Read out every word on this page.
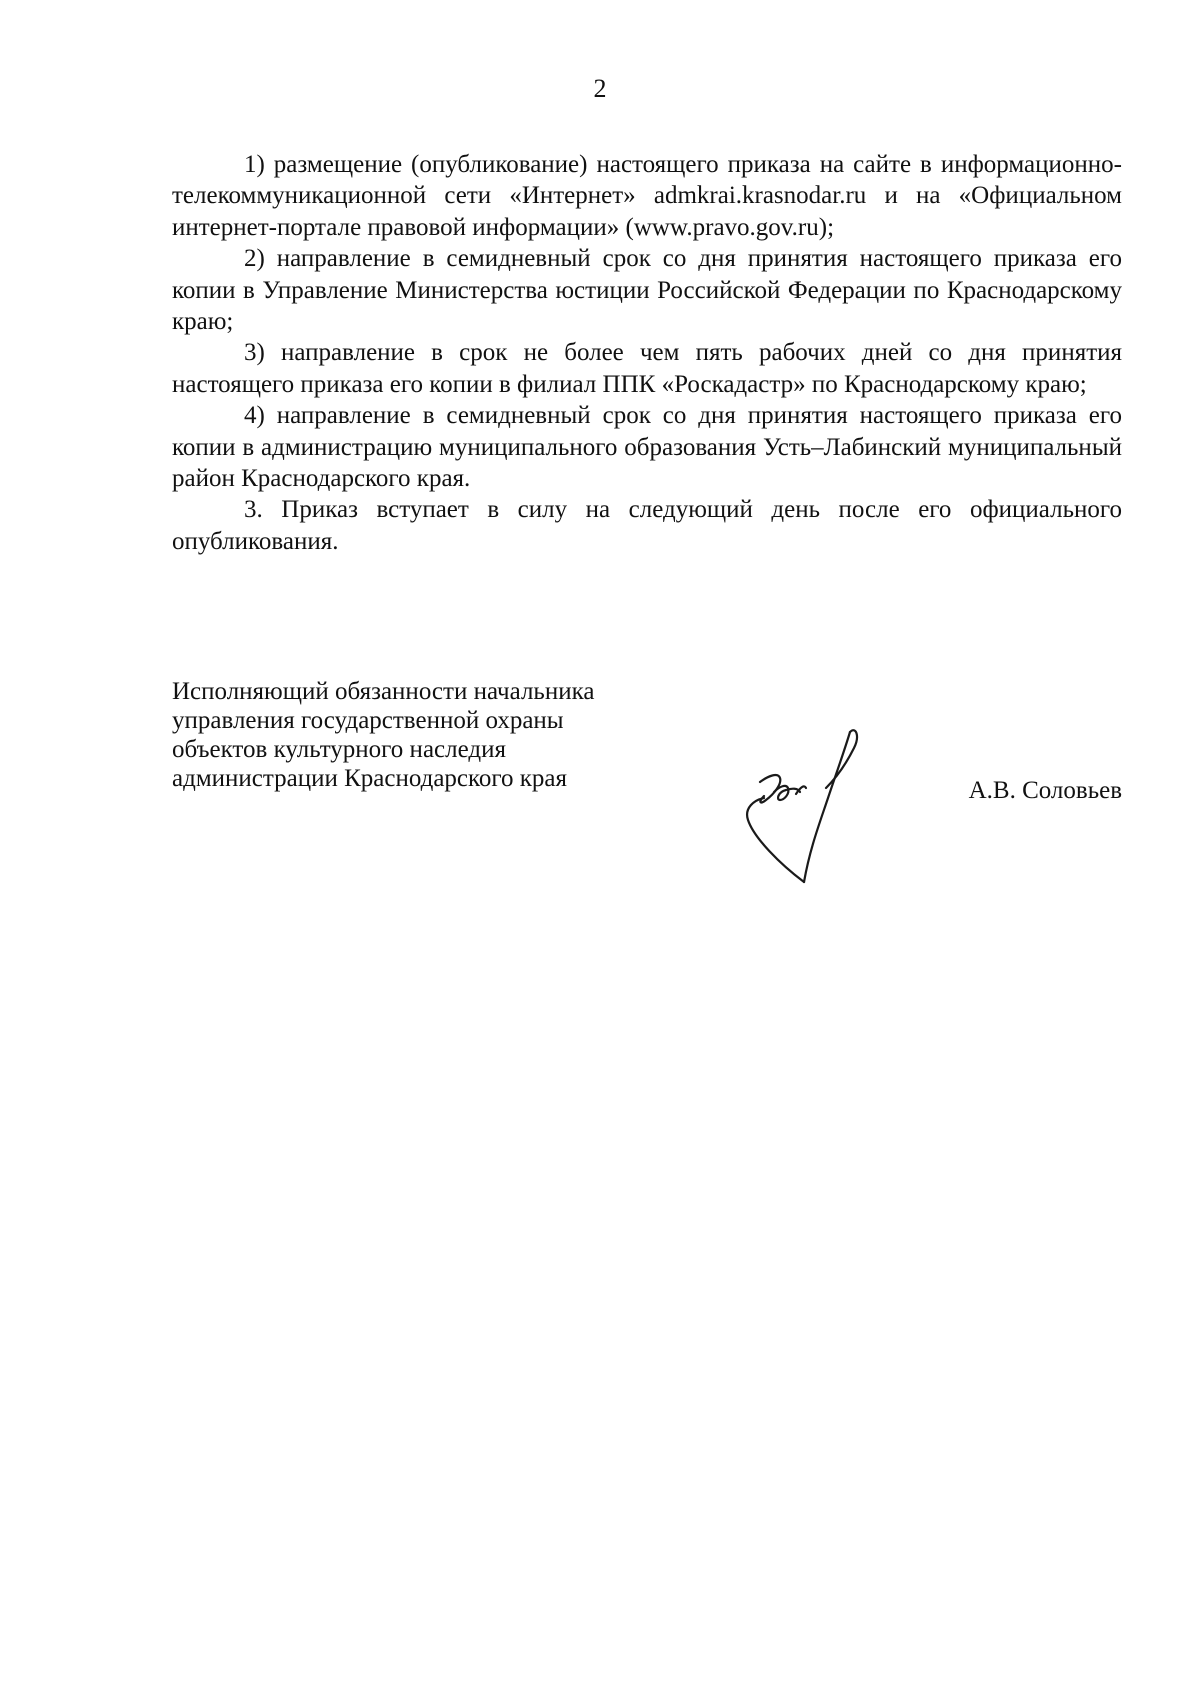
2

1) размещение (опубликование) настоящего приказа на сайте в информационно-телекоммуникационной сети «Интернет» admkrai.krasnodar.ru и на «Официальном интернет-портале правовой информации» (www.pravo.gov.ru);

2) направление в семидневный срок со дня принятия настоящего приказа его копии в Управление Министерства юстиции Российской Федерации по Краснодарскому краю;

3) направление в срок не более чем пять рабочих дней со дня принятия настоящего приказа его копии в филиал ППК «Роскадастр» по Краснодарскому краю;

4) направление в семидневный срок со дня принятия настоящего приказа его копии в администрацию муниципального образования Усть–Лабинский муниципальный район Краснодарского края.

3. Приказ вступает в силу на следующий день после его официального опубликования.

Исполняющий обязанности начальника
управления государственной охраны
объектов культурного наследия
администрации Краснодарского края	А.В. Соловьев
